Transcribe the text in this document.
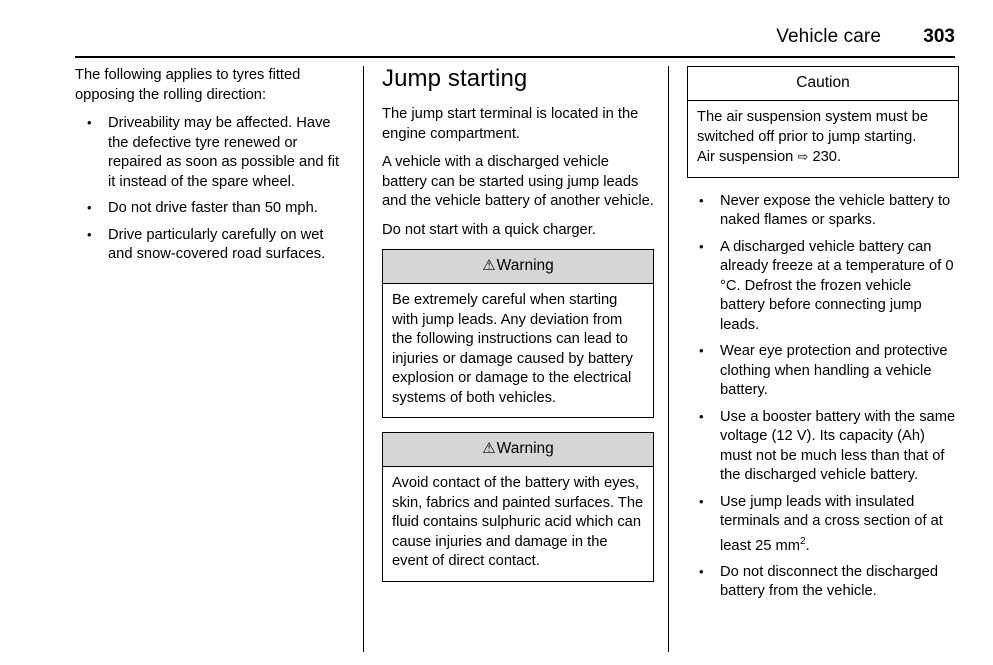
Vehicle care	303

The following applies to tyres fitted opposing the rolling direction:

• Driveability may be affected. Have the defective tyre renewed or repaired as soon as possible and fit it instead of the spare wheel.
• Do not drive faster than 50 mph.
• Drive particularly carefully on wet and snow-covered road surfaces.
Jump starting

The jump start terminal is located in the engine compartment.

A vehicle with a discharged vehicle battery can be started using jump leads and the vehicle battery of another vehicle.

Do not start with a quick charger.

⚠Warning

Be extremely careful when starting with jump leads. Any deviation from the following instructions can lead to injuries or damage caused by battery explosion or damage to the electrical systems of both vehicles.

⚠Warning

Avoid contact of the battery with eyes, skin, fabrics and painted surfaces. The fluid contains sulphuric acid which can cause injuries and damage in the event of direct contact.

Caution

The air suspension system must be switched off prior to jump starting.

Air suspension ⇨ 230.

• Never expose the vehicle battery to naked flames or sparks.
• A discharged vehicle battery can already freeze at a temperature of 0 °C. Defrost the frozen vehicle battery before connecting jump leads.
• Wear eye protection and protective clothing when handling a vehicle battery.
• Use a booster battery with the same voltage (12 V). Its capacity (Ah) must not be much less than that of the discharged vehicle battery.
• Use jump leads with insulated terminals and a cross section of at least 25 $mm^2$.
• Do not disconnect the discharged battery from the vehicle.
